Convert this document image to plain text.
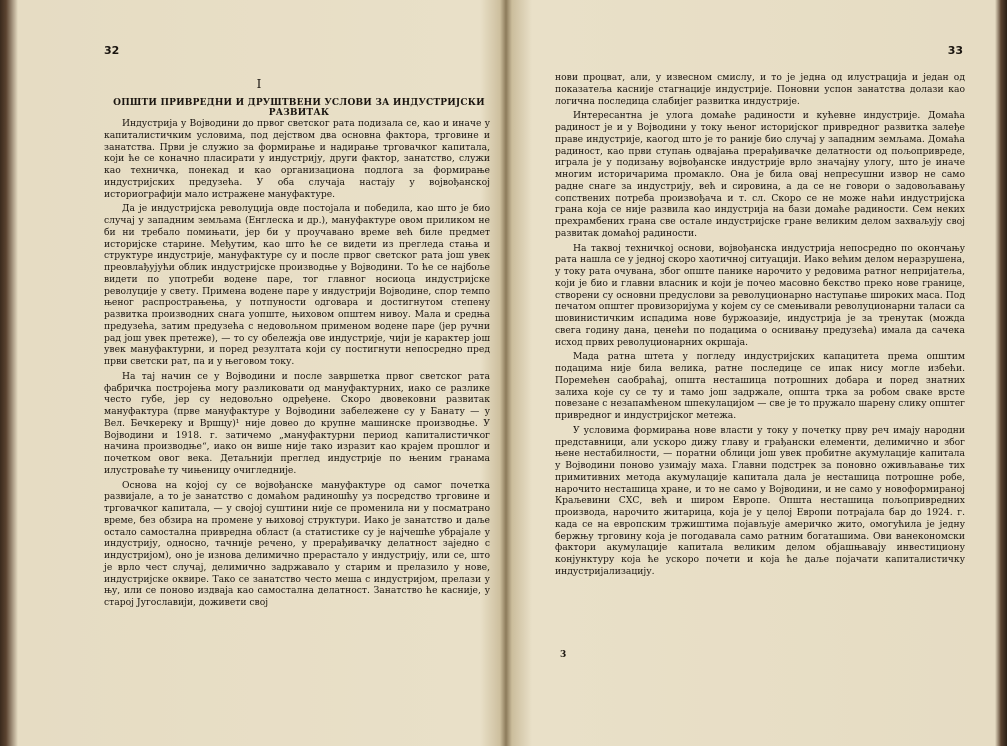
32
I
ОПШТИ ПРИВРЕДНИ И ДРУШТВЕНИ УСЛОВИ ЗА ИНДУСТРИЈСКИ РАЗВИТАК

Индустрија у Војводини до првог светског рата подизала се, као и иначе у капиталистичким условима, под дејством два основна фактора, трговине и занатства. Први је служио за формирање и надирање трговачког капитала, који ће се коначно пласирати у индустрију, други фактор, занатство, служи као техничка, понекад и као организациона подлога за формирање индустријских предузећа. У оба случаја настају у војвођанској историографији мало истражене мануфактуре.

Да је индустријска револуција овде постојала и победила, као што је био случај у западним земљама (Енглеска и др.), мануфактуре овом приликом не би ни требало помињати, јер би у проучавано време већ биле предмет историјске старине. Међутим, као што ће се видети из прегледа стања и структуре индустрије, мануфактуре су и после првог светског рата још увек преовлађујући облик индустријске производње у Војводини. То ће се најбоље видети по употреби водене паре, тог главног носиоца индустријске револуције у свету. Примена водене паре у индустрији Војводине, спор темпо њеног распрострањења, у потпуности одговара и достигнутом степену развитка производних снага уопште, њиховом општем нивоу. Мала и средња предузећа, затим предузећа с недовољном применом водене паре (јер ручни рад још увек претеже), — то су обележја ове индустрије, чији је карактер још увек мануфактурни, и поред резултата који су постигнути непосредно пред први светски рат, па и у његовом току.

На тај начин се у Војводини и после завршетка првог светског рата фабричка постројења могу разликовати од мануфактурних, иако се разлике често губе, јер су недовољно одређене. Скоро двовековни развитак мануфактура (прве мануфактуре у Војводини забележене су у Банату — у Вел. Бечкереку и Вршцу)¹ није довео до крупне машинске производње. У Војводини и 1918. г. затичемо „мануфактурни период капиталистичког начина производње“, иако он више није тако изразит као крајем прошлог и почетком овог века. Детаљнији преглед индустрије по њеним гранама илустроваће ту чињеницу очигледније.

Основа на којој су се војвођанске мануфактуре од самог почетка развијале, а то је занатство с домаћом радиношћу уз посредство трговине и трговачког капитала, — у својој суштини није се променила ни у посматрано време, без обзира на промене у њиховој структури. Иако је занатство и даље остало самостална привредна област (а статистике су је најчешће убрајале у индустрију, односно, тачније речено, у прерађивачку делатност заједно с индустријом), оно је изнова делимично прерастало у индустрију, или се, што је врло чест случај, делимично задржавало у старим и прелазило у нове, индустријске оквире. Тако се занатство често меша с индустријом, прелази у њу, или се поново издваја као самостална делатност. Занатство ће касније, у старој Југославији, доживети свој

33

нови процват, али, у извесном смислу, и то је једна од илустрација и један од показатеља касније стагнације индустрије. Поновни успон занатства долази као логична последица слабијег развитка индустрије.

Интересантна је улога домаће радиности и кућевне индустрије. Домаћа радиност је и у Војводини у току њеног историјског привредног развитка залеђе праве индустрије, каогод што је то раније био случај у западним земљама. Домаћа радиност, као први ступањ одвајања прерађивачке делатности од пољопривреде, играла је у подизању војвођанске индустрије врло значајну улогу, што је иначе многим историчарима промакло. Она је била овај непресушни извор не само радне снаге за индустрију, већ и сировина, а да се не говори о задовољавању сопствених потреба произвођача и т. сл. Скоро се не може наћи индустријска грана која се није развила као индустрија на бази домаће радиности. Сем неких прехрамбених грана све остале индустријске гране великим делом захваљују свој развитак домаћој радиности.

На таквој техничкој основи, војвођанска индустрија непосредно по окончању рата нашла се у једној скоро хаотичној ситуацији. Иако већим делом неразрушена, у току рата очувана, због опште панике нарочито у редовима ратног непријатеља, који је био и главни власник и који је почео масовно бекство преко нове границе, створени су основни предуслови за револуционарно наступање широких маса. Под печатом општег провизоријума у којем су се смењивали револуционарни таласи са шовинистичким испадима нове буржоазије, индустрија је за тренутак (можда свега годину дана, ценећи по подацима о оснивању предузећа) имала да сачека исход првих револуционарних окршаја.

Мада ратна штета у погледу индустријских капацитета према општим подацима није била велика, ратне последице се ипак нису могле избећи. Поремећен саобраћај, општа несташица потрошних добара и поред знатних залиха које су се ту и тамо још задржале, општа трка за робом сваке врсте повезане с незапамћеном шпекулацијом — све је то пружало шарену слику општег привредног и индустријског метежа.

У условима формирања нове власти у току у почетку прву реч имају народни представници, али ускоро дижу главу и грађански елементи, делимично и због њене нестабилности, — поратни облици још увек пробитне акумулације капитала у Војводини поново узимају маха. Главни подстрек за поновно оживљавање тих примитивних метода акумулације капитала дала је несташица потрошне робе, нарочито несташица хране, и то не само у Војводини, и не само у новоформираној Краљевини СХС, већ и широм Европе. Општа несташица пољопривредних производа, нарочито житарица, која је у целој Европи потрајала бар до 1924. г. када се на европским тржиштима појављује америчко жито, омогућила је једну бержњу трговину која је погодавала само ратним богаташима. Ови ванекономски фактори акумулације капитала великим делом објашњавају инвестициону конјунктуру која ће ускоро почети и која ће даље појачати капиталистичку индустријализацију.

3
